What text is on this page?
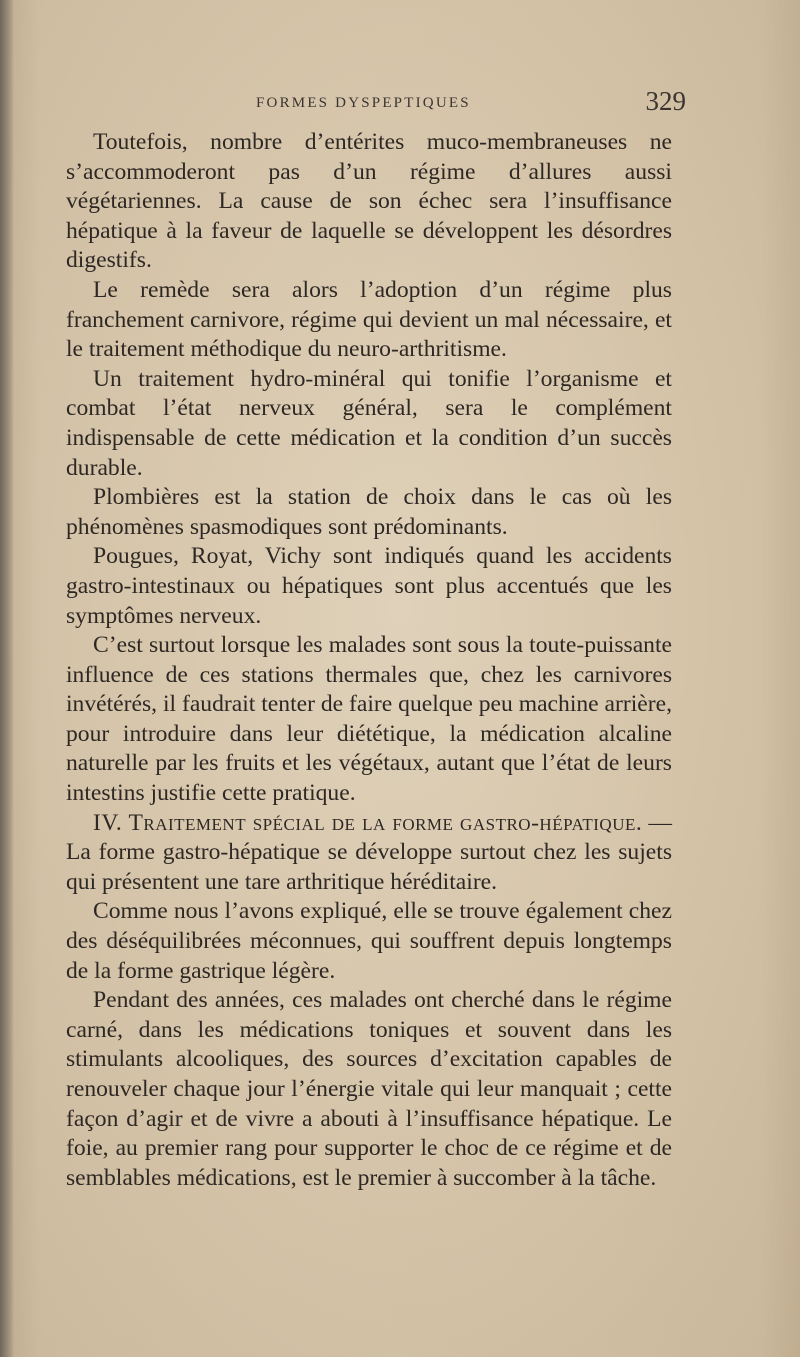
FORMES DYSPEPTIQUES	329

Toutefois, nombre d’entérites muco-membraneuses ne s’accommoderont pas d’un régime d’allures aussi végétariennes. La cause de son échec sera l’insuffisance hépatique à la faveur de laquelle se développent les désordres digestifs.

Le remède sera alors l’adoption d’un régime plus franchement carnivore, régime qui devient un mal nécessaire, et le traitement méthodique du neuro-arthritisme.

Un traitement hydro-minéral qui tonifie l’organisme et combat l’état nerveux général, sera le complément indispensable de cette médication et la condition d’un succès durable.

Plombières est la station de choix dans le cas où les phénomènes spasmodiques sont prédominants.

Pougues, Royat, Vichy sont indiqués quand les accidents gastro-intestinaux ou hépatiques sont plus accentués que les symptômes nerveux.

C’est surtout lorsque les malades sont sous la toute-puissante influence de ces stations thermales que, chez les carnivores invétérés, il faudrait tenter de faire quelque peu machine arrière, pour introduire dans leur diététique, la médication alcaline naturelle par les fruits et les végétaux, autant que l’état de leurs intestins justifie cette pratique.

IV. Traitement spécial de la forme gastro-hépatique. — La forme gastro-hépatique se développe surtout chez les sujets qui présentent une tare arthritique héréditaire.

Comme nous l’avons expliqué, elle se trouve également chez des déséquilibrées méconnues, qui souffrent depuis longtemps de la forme gastrique légère.

Pendant des années, ces malades ont cherché dans le régime carné, dans les médications toniques et souvent dans les stimulants alcooliques, des sources d’excitation capables de renouveler chaque jour l’énergie vitale qui leur manquait ; cette façon d’agir et de vivre a abouti à l’insuffisance hépatique. Le foie, au premier rang pour supporter le choc de ce régime et de semblables médications, est le premier à succomber à la tâche.
